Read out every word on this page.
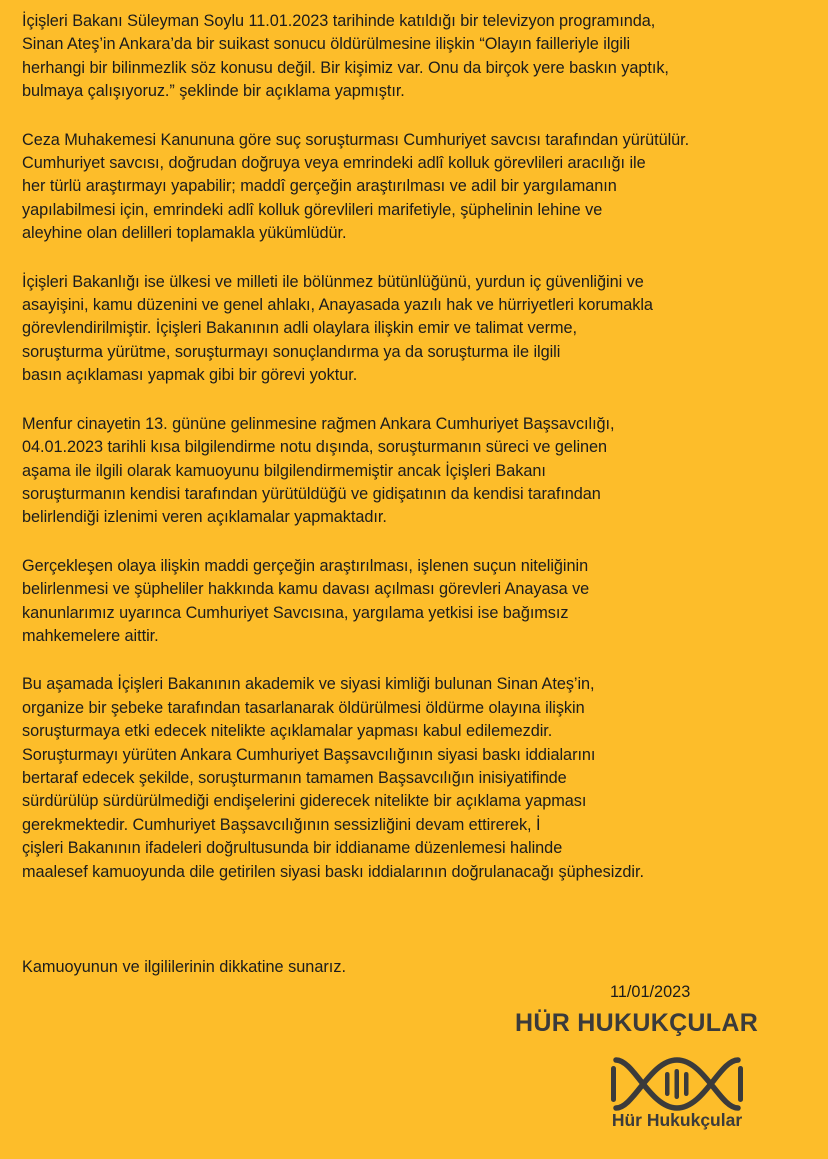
İçişleri Bakanı Süleyman Soylu 11.01.2023 tarihinde katıldığı bir televizyon programında,
Sinan Ateş’in Ankara’da bir suikast sonucu öldürülmesine ilişkin “Olayın failleriyle ilgili
herhangi bir bilinmezlik söz konusu değil. Bir kişimiz var. Onu da birçok yere baskın yaptık,
bulmaya çalışıyoruz.” şeklinde bir açıklama yapmıştır.

Ceza Muhakemesi Kanununa göre suç soruşturması Cumhuriyet savcısı tarafından yürütülür.
Cumhuriyet savcısı, doğrudan doğruya veya emrindeki adlî kolluk görevlileri aracılığı ile
her türlü araştırmayı yapabilir; maddî gerçeğin araştırılması ve adil bir yargılamanın
yapılabilmesi için, emrindeki adlî kolluk görevlileri marifetiyle, şüphelinin lehine ve
aleyhine olan delilleri toplamakla yükümlüdür.

İçişleri Bakanlığı ise ülkesi ve milleti ile bölünmez bütünlüğünü, yurdun iç güvenliğini ve
asayişini, kamu düzenini ve genel ahlakı, Anayasada yazılı hak ve hürriyetleri korumakla
görevlendirilmiştir. İçişleri Bakanının adli olaylara ilişkin emir ve talimat verme,
soruşturma yürütme, soruşturmayı sonuçlandırma ya da soruşturma ile ilgili
basın açıklaması yapmak gibi bir görevi yoktur.

Menfur cinayetin 13. gününe gelinmesine rağmen Ankara Cumhuriyet Başsavcılığı,
04.01.2023 tarihli kısa bilgilendirme notu dışında, soruşturmanın süreci ve gelinen
aşama ile ilgili olarak kamuoyunu bilgilendirmemiştir ancak İçişleri Bakanı
soruşturmanın kendisi tarafından yürütüldüğü ve gidişatının da kendisi tarafından
belirlendiği izlenimi veren açıklamalar yapmaktadır.

Gerçekleşen olaya ilişkin maddi gerçeğin araştırılması, işlenen suçun niteliğinin
belirlenmesi ve şüpheliler hakkında kamu davası açılması görevleri Anayasa ve
kanunlarımız uyarınca Cumhuriyet Savcısına, yargılama yetkisi ise bağımsız
mahkemelere aittir.

Bu aşamada İçişleri Bakanının akademik ve siyasi kimliği bulunan Sinan Ateş’in,
organize bir şebeke tarafından tasarlanarak öldürülmesi öldürme olayına ilişkin
soruşturmaya etki edecek nitelikte açıklamalar yapması kabul edilemezdir.
Soruşturmayı yürüten Ankara Cumhuriyet Başsavcılığının siyasi baskı iddialarını
bertaraf edecek şekilde, soruşturmanın tamamen Başsavcılığın inisiyatifinde
sürdürülüp sürdürülmediği endişelerini giderecek nitelikte bir açıklama yapması
gerekmektedir. Cumhuriyet Başsavcılığının sessizliğini devam ettirerek, İ
çişleri Bakanının ifadeleri doğrultusunda bir iddianame düzenlemesi halinde
maalesef kamuoyunda dile getirilen siyasi baskı iddialarının doğrulanacağı şüphesizdir.

Kamuoyunun ve ilgililerinin dikkatine sunarız.
11/01/2023
HÜR HUKUKÇULAR
Hür Hukukçular
